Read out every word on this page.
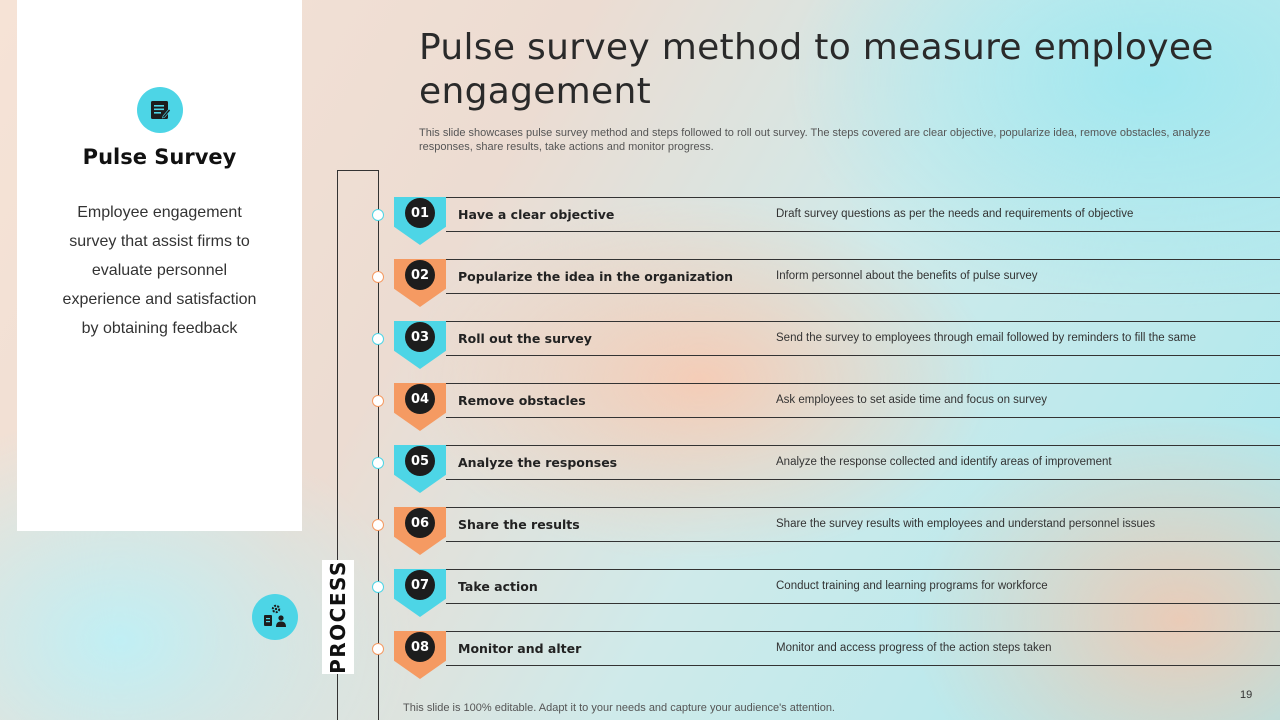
Pulse Survey
Employee engagement survey that assist firms to evaluate personnel experience and satisfaction by obtaining feedback
Pulse survey method to measure employee engagement

This slide showcases pulse survey method and steps followed to roll out survey. The steps covered are clear objective, popularize idea, remove obstacles, analyze responses, share results, take actions and monitor progress.

PROCESS
01	Have a clear objective	Draft survey questions as per the needs and requirements of objective
02	Popularize the idea in the organization	Inform personnel about the benefits of pulse survey
03	Roll out the survey	Send the survey to employees through email followed by reminders to fill the same
04	Remove obstacles	Ask employees to set aside time and focus on survey
05	Analyze the responses	Analyze the response collected and identify areas of improvement
06	Share the results	Share the survey results with employees and understand personnel issues
07	Take action	Conduct training and learning programs for workforce
08	Monitor and alter	Monitor and access progress of the action steps taken
This slide is 100% editable. Adapt it to your needs and capture your audience's attention.
19
